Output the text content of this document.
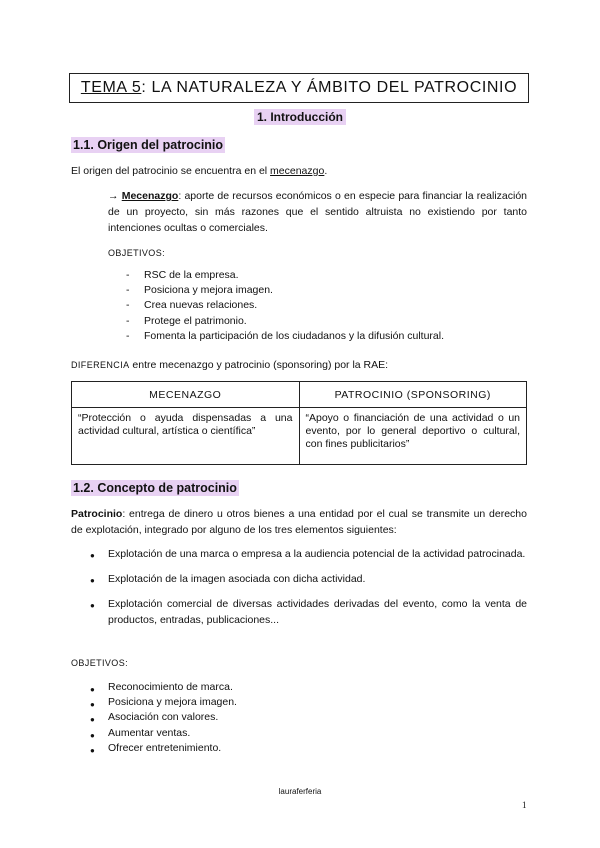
TEMA 5 : LA NATURALEZA Y ÁMBITO DEL PATROCINIO
1. Introducción
1.1. Origen del patrocinio
El origen del patrocinio se encuentra en el mecenazgo.
→ Mecenazgo: aporte de recursos económicos o en especie para financiar la realización de un proyecto, sin más razones que el sentido altruista no existiendo por tanto intenciones ocultas o comerciales.
OBJETIVOS:
- RSC de la empresa.
- Posiciona y mejora imagen.
- Crea nuevas relaciones.
- Protege el patrimonio.
- Fomenta la participación de los ciudadanos y la difusión cultural.
DIFERENCIA entre mecenazgo y patrocinio (sponsoring) por la RAE:
MECENAZGO	PATROCINIO (SPONSORING)
“Protección o ayuda dispensadas a una actividad cultural, artística o científica”	“Apoyo o financiación de una actividad o un evento, por lo general deportivo o cultural, con fines publicitarios”
1.2. Concepto de patrocinio
Patrocinio: entrega de dinero u otros bienes a una entidad por el cual se transmite un derecho de explotación, integrado por alguno de los tres elementos siguientes:
● Explotación de una marca o empresa a la audiencia potencial de la actividad patrocinada.
● Explotación de la imagen asociada con dicha actividad.
● Explotación comercial de diversas actividades derivadas del evento, como la venta de productos, entradas, publicaciones...
OBJETIVOS:
● Reconocimiento de marca.
● Posiciona y mejora imagen.
● Asociación con valores.
● Aumentar ventas.
● Ofrecer entretenimiento.
lauraferferia
1
